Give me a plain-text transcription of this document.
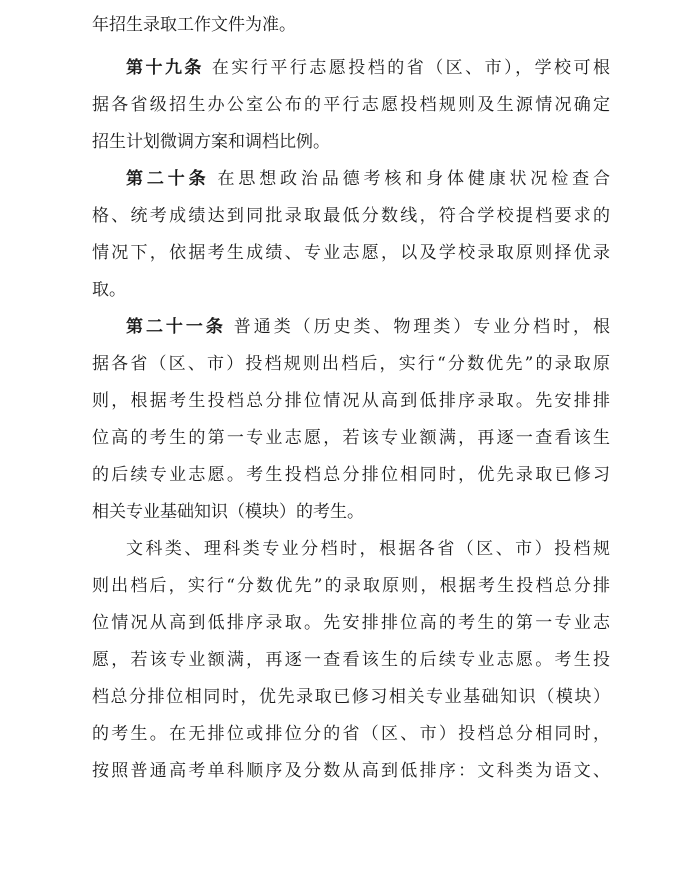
年招生录取工作文件为准。
第十九条 在实行平行志愿投档的省（区、市），学校可根
据各省级招生办公室公布的平行志愿投档规则及生源情况确定
招生计划微调方案和调档比例。
第二十条 在思想政治品德考核和身体健康状况检查合
格、统考成绩达到同批录取最低分数线，符合学校提档要求的
情况下，依据考生成绩、专业志愿，以及学校录取原则择优录
取。
第二十一条 普通类（历史类、物理类）专业分档时，根
据各省（区、市）投档规则出档后，实行“分数优先”的录取原
则，根据考生投档总分排位情况从高到低排序录取。先安排排
位高的考生的第一专业志愿，若该专业额满，再逐一查看该生
的后续专业志愿。考生投档总分排位相同时，优先录取已修习
相关专业基础知识（模块）的考生。
文科类、理科类专业分档时，根据各省（区、市）投档规
则出档后，实行“分数优先”的录取原则，根据考生投档总分排
位情况从高到低排序录取。先安排排位高的考生的第一专业志
愿，若该专业额满，再逐一查看该生的后续专业志愿。考生投
档总分排位相同时，优先录取已修习相关专业基础知识（模块）
的考生。在无排位或排位分的省（区、市）投档总分相同时，
按照普通高考单科顺序及分数从高到低排序：文科类为语文、
